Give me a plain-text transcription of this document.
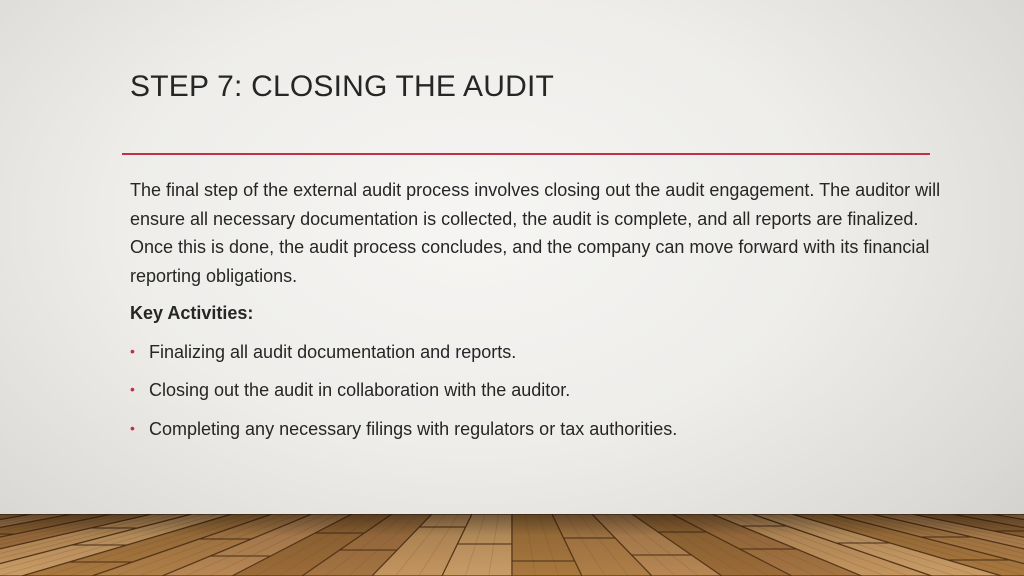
STEP 7: CLOSING THE AUDIT

The final step of the external audit process involves closing out the audit engagement. The auditor will ensure all necessary documentation is collected, the audit is complete, and all reports are finalized. Once this is done, the audit process concludes, and the company can move forward with its financial reporting obligations.

Key Activities:

• Finalizing all audit documentation and reports.
• Closing out the audit in collaboration with the auditor.
• Completing any necessary filings with regulators or tax authorities.
